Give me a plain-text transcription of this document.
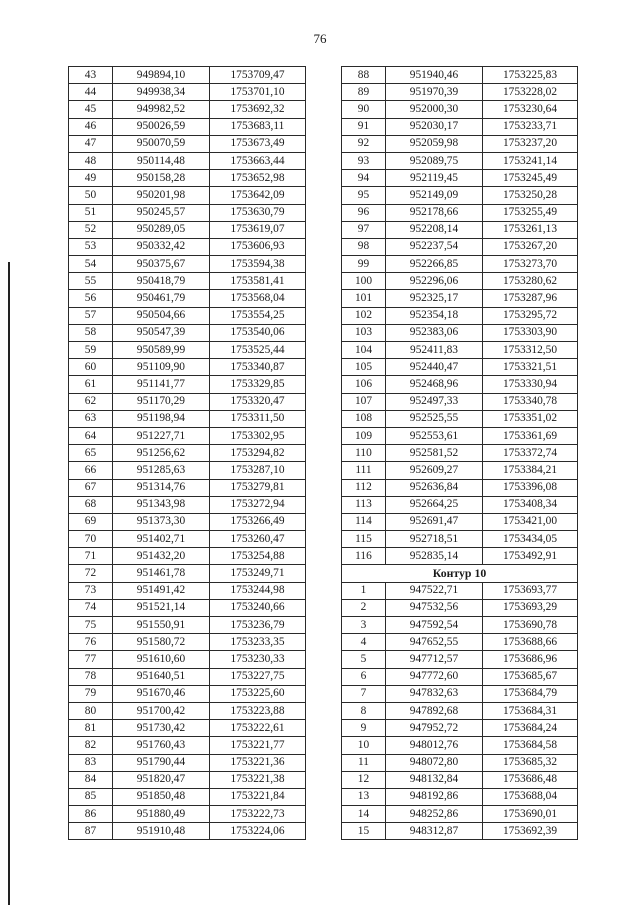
76
43	949894,10	1753709,47
44	949938,34	1753701,10
45	949982,52	1753692,32
46	950026,59	1753683,11
47	950070,59	1753673,49
48	950114,48	1753663,44
49	950158,28	1753652,98
50	950201,98	1753642,09
51	950245,57	1753630,79
52	950289,05	1753619,07
53	950332,42	1753606,93
54	950375,67	1753594,38
55	950418,79	1753581,41
56	950461,79	1753568,04
57	950504,66	1753554,25
58	950547,39	1753540,06
59	950589,99	1753525,44
60	951109,90	1753340,87
61	951141,77	1753329,85
62	951170,29	1753320,47
63	951198,94	1753311,50
64	951227,71	1753302,95
65	951256,62	1753294,82
66	951285,63	1753287,10
67	951314,76	1753279,81
68	951343,98	1753272,94
69	951373,30	1753266,49
70	951402,71	1753260,47
71	951432,20	1753254,88
72	951461,78	1753249,71
73	951491,42	1753244,98
74	951521,14	1753240,66
75	951550,91	1753236,79
76	951580,72	1753233,35
77	951610,60	1753230,33
78	951640,51	1753227,75
79	951670,46	1753225,60
80	951700,42	1753223,88
81	951730,42	1753222,61
82	951760,43	1753221,77
83	951790,44	1753221,36
84	951820,47	1753221,38
85	951850,48	1753221,84
86	951880,49	1753222,73
87	951910,48	1753224,06
88	951940,46	1753225,83
89	951970,39	1753228,02
90	952000,30	1753230,64
91	952030,17	1753233,71
92	952059,98	1753237,20
93	952089,75	1753241,14
94	952119,45	1753245,49
95	952149,09	1753250,28
96	952178,66	1753255,49
97	952208,14	1753261,13
98	952237,54	1753267,20
99	952266,85	1753273,70
100	952296,06	1753280,62
101	952325,17	1753287,96
102	952354,18	1753295,72
103	952383,06	1753303,90
104	952411,83	1753312,50
105	952440,47	1753321,51
106	952468,96	1753330,94
107	952497,33	1753340,78
108	952525,55	1753351,02
109	952553,61	1753361,69
110	952581,52	1753372,74
111	952609,27	1753384,21
112	952636,84	1753396,08
113	952664,25	1753408,34
114	952691,47	1753421,00
115	952718,51	1753434,05
116	952835,14	1753492,91
Контур 10		
1	947522,71	1753693,77
2	947532,56	1753693,29
3	947592,54	1753690,78
4	947652,55	1753688,66
5	947712,57	1753686,96
6	947772,60	1753685,67
7	947832,63	1753684,79
8	947892,68	1753684,31
9	947952,72	1753684,24
10	948012,76	1753684,58
11	948072,80	1753685,32
12	948132,84	1753686,48
13	948192,86	1753688,04
14	948252,86	1753690,01
15	948312,87	1753692,39
